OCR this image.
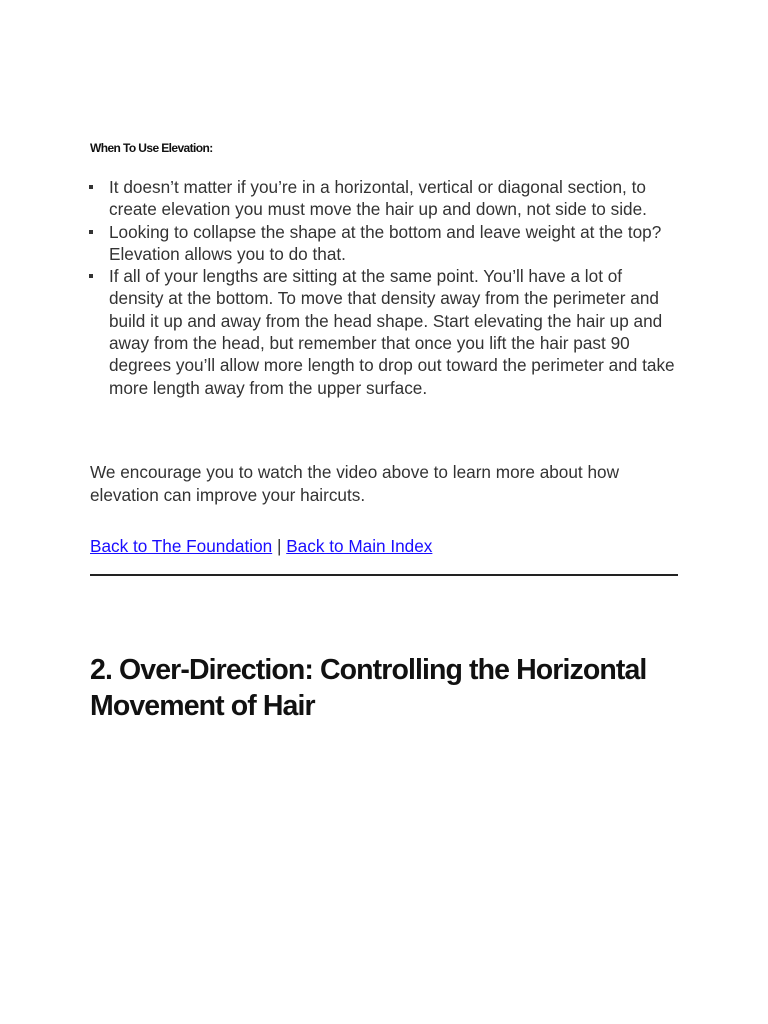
When To Use Elevation:
It doesn’t matter if you’re in a horizontal, vertical or diagonal section, to create elevation you must move the hair up and down, not side to side.
Looking to collapse the shape at the bottom and leave weight at the top? Elevation allows you to do that.
If all of your lengths are sitting at the same point. You’ll have a lot of density at the bottom. To move that density away from the perimeter and build it up and away from the head shape. Start elevating the hair up and away from the head, but remember that once you lift the hair past 90 degrees you’ll allow more length to drop out toward the perimeter and take more length away from the upper surface.

We encourage you to watch the video above to learn more about how elevation can improve your haircuts.

Back to The Foundation | Back to Main Index

2. Over-Direction: Controlling the Horizontal Movement of Hair
